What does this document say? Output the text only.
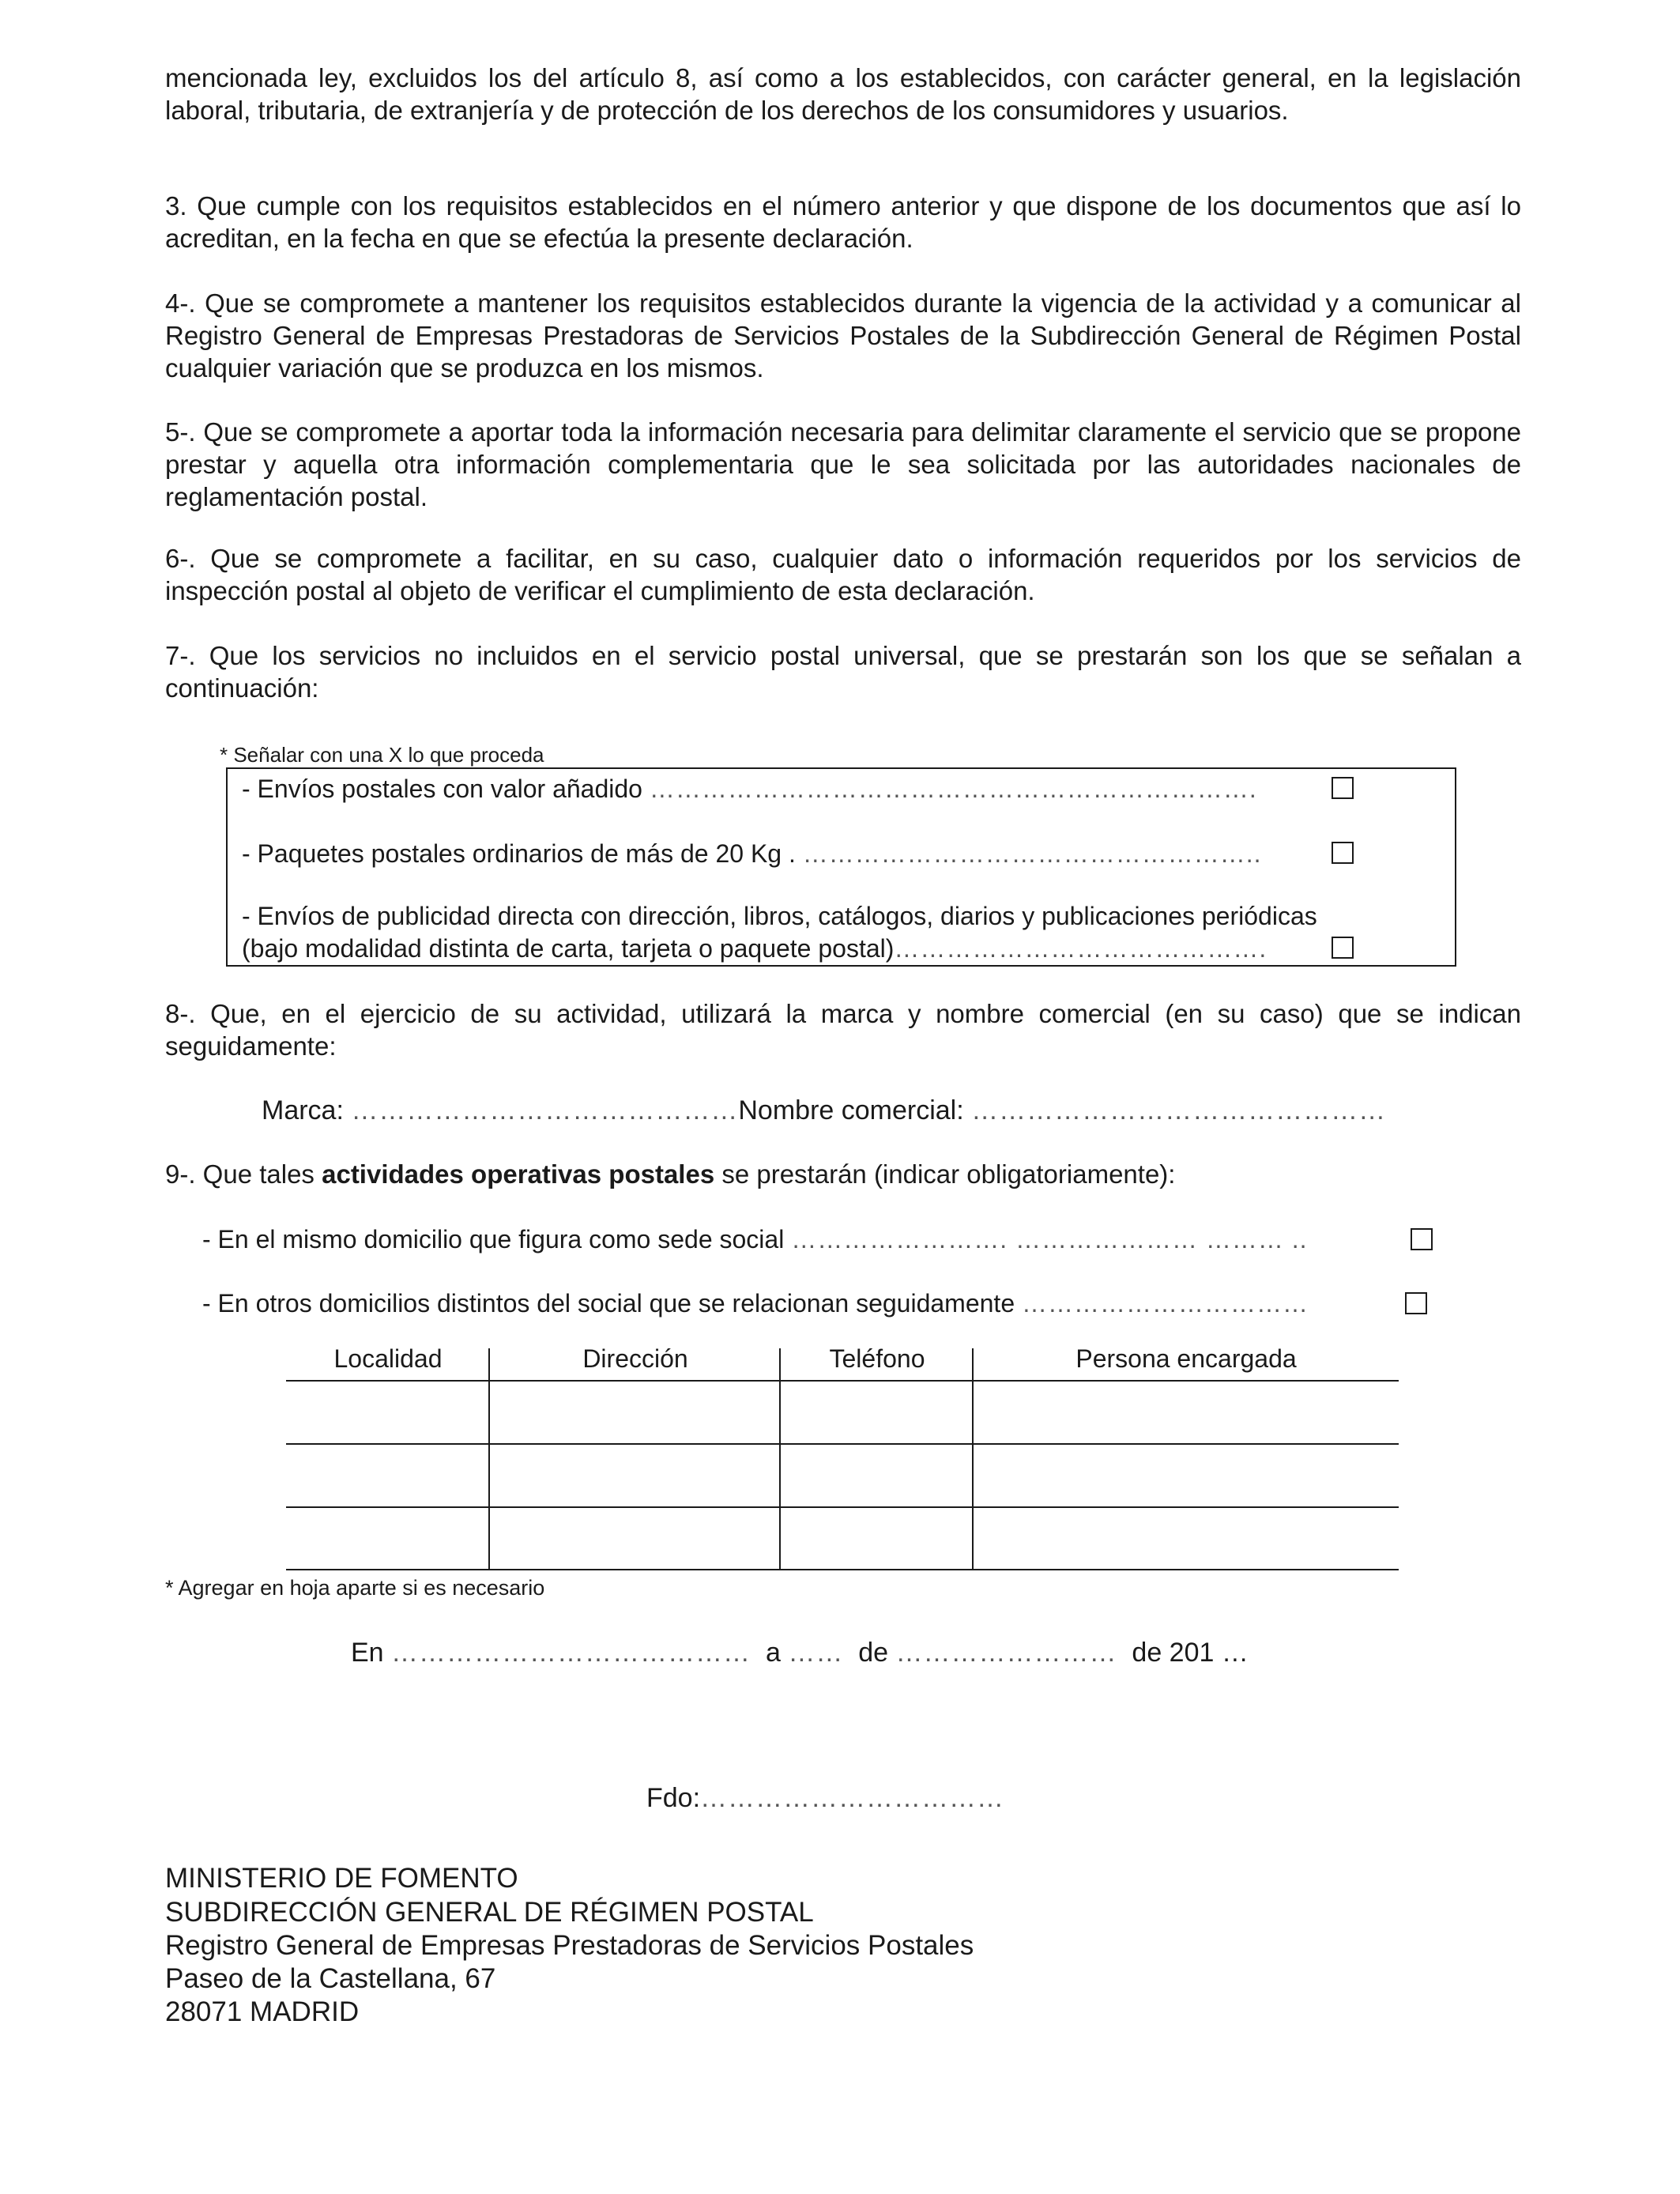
mencionada ley, excluidos los del artículo 8, así como a los establecidos, con carácter general, en la legislación laboral, tributaria, de extranjería y de protección de los derechos de los consumidores y usuarios.

3. Que cumple con los requisitos establecidos en el número anterior y que dispone de los documentos que así lo acreditan, en la fecha en que se efectúa la presente declaración.

4-. Que se compromete a mantener los requisitos establecidos durante la vigencia de la actividad y a comunicar al Registro General de Empresas Prestadoras de Servicios Postales de la Subdirección General de Régimen Postal cualquier variación que se produzca en los mismos.

5-. Que se compromete a aportar toda la información necesaria para delimitar claramente el servicio que se propone prestar y aquella otra información complementaria que le sea solicitada por las autoridades nacionales de reglamentación postal.

6-. Que se compromete a facilitar, en su caso, cualquier dato o información requeridos por los servicios de inspección postal al objeto de verificar el cumplimiento de esta declaración.

7-. Que los servicios no incluidos en el servicio postal universal, que se prestarán son los que se señalan a continuación:

* Señalar con una X lo que proceda
- Envíos postales con valor añadido …………………………………………………………….
- Paquetes postales ordinarios de más de 20 Kg . ……………………………………………..
- Envíos de publicidad directa con dirección, libros, catálogos, diarios y publicaciones periódicas
(bajo modalidad distinta de carta, tarjeta o paquete postal)…………………………………….

8-. Que, en el ejercicio de su actividad, utilizará la marca y nombre comercial (en su caso) que se indican seguidamente:

Marca: ……………………………………Nombre comercial: ………………………………………
9-. Que tales actividades operativas postales se prestarán (indicar obligatoriamente):
- En el mismo domicilio que figura como sede social ……………………. ………………… ……… ..
- En otros domicilios distintos del social que se relacionan seguidamente ……………………………
Localidad	Dirección	Teléfono	Persona encargada
* Agregar en hoja aparte si es necesario
En ………………………………… a …… de …………………… de 201 …
Fdo:……………………………
MINISTERIO DE FOMENTO
SUBDIRECCIÓN GENERAL DE RÉGIMEN POSTAL
Registro General de Empresas Prestadoras de Servicios Postales
Paseo de la Castellana, 67
28071 MADRID
